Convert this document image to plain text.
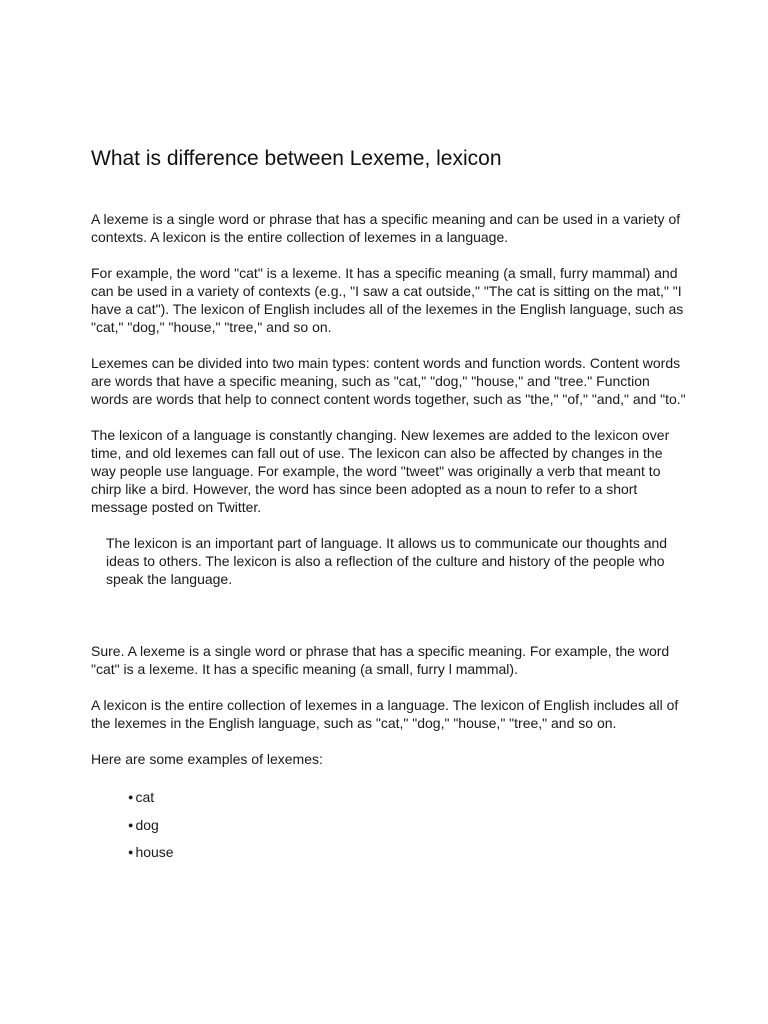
What is difference between Lexeme, lexicon

A lexeme is a single word or phrase that has a specific meaning and can be used in a variety of contexts. A lexicon is the entire collection of lexemes in a language.

For example, the word "cat" is a lexeme. It has a specific meaning (a small, furry mammal) and can be used in a variety of contexts (e.g., "I saw a cat outside," "The cat is sitting on the mat," "I have a cat"). The lexicon of English includes all of the lexemes in the English language, such as "cat," "dog," "house," "tree," and so on.

Lexemes can be divided into two main types: content words and function words. Content words are words that have a specific meaning, such as "cat," "dog," "house," and "tree." Function words are words that help to connect content words together, such as "the," "of," "and," and "to."

The lexicon of a language is constantly changing. New lexemes are added to the lexicon over time, and old lexemes can fall out of use. The lexicon can also be affected by changes in the way people use language. For example, the word "tweet" was originally a verb that meant to chirp like a bird. However, the word has since been adopted as a noun to refer to a short message posted on Twitter.

The lexicon is an important part of language. It allows us to communicate our thoughts and ideas to others. The lexicon is also a reflection of the culture and history of the people who speak the language.

Sure. A lexeme is a single word or phrase that has a specific meaning. For example, the word "cat" is a lexeme. It has a specific meaning (a small, furry l mammal).

A lexicon is the entire collection of lexemes in a language. The lexicon of English includes all of the lexemes in the English language, such as "cat," "dog," "house," "tree," and so on.

Here are some examples of lexemes:

● cat
● dog
● house
